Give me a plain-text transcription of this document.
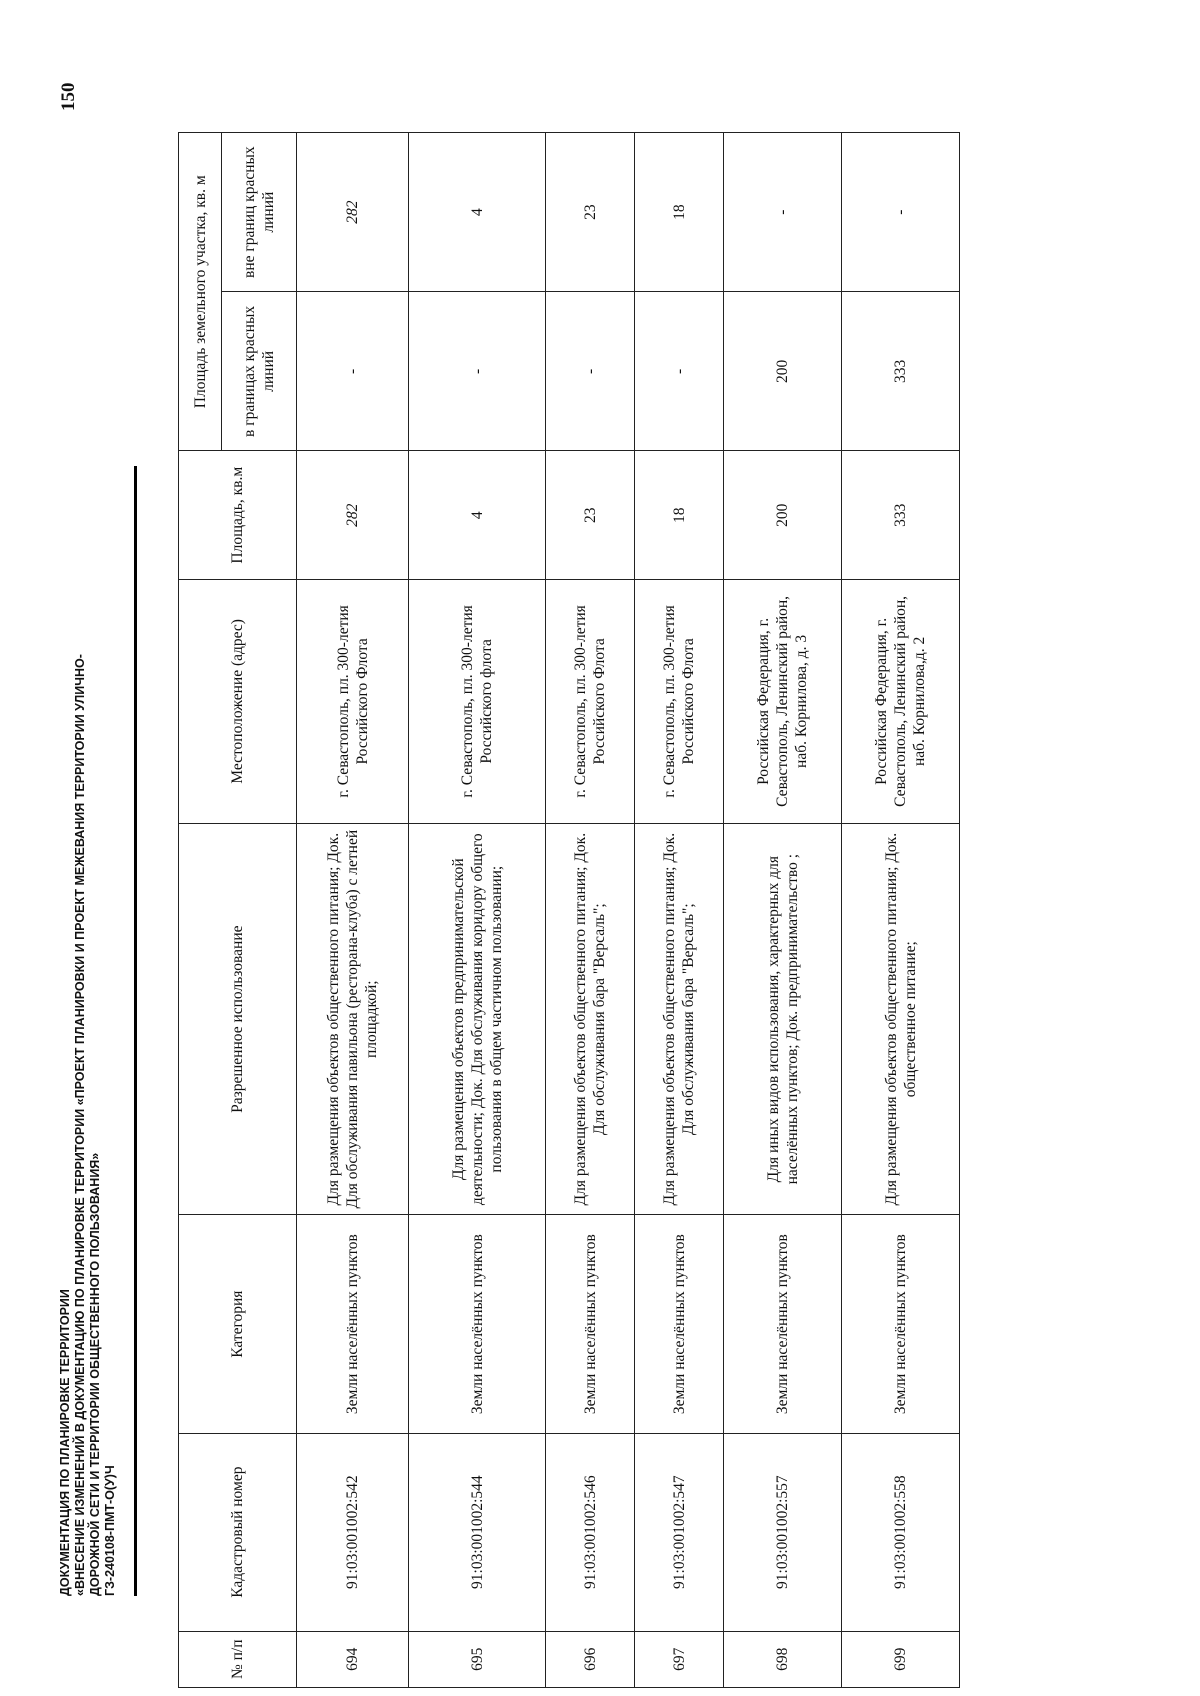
ДОКУМЕНТАЦИЯ ПО ПЛАНИРОВКЕ ТЕРРИТОРИИ «ВНЕСЕНИЕ ИЗМЕНЕНИЙ В ДОКУМЕНТАЦИЮ ПО ПЛАНИРОВКЕ ТЕРРИТОРИИ «ПРОЕКТ ПЛАНИРОВКИ И ПРОЕКТ МЕЖЕВАНИЯ ТЕРРИТОРИИ УЛИЧНО- ДОРОЖНОЙ СЕТИ И ТЕРРИТОРИИ ОБЩЕСТВЕННОГО ПОЛЬЗОВАНИЯ» ГЗ-240108-ПМТ-О(У)Ч
150
№ п/п	Кадастровый номер	Категория	Разрешенное использование	Местоположение (адрес)	Площадь, кв.м	Площадь земельного участка, кв. м	
						в границах красных линий	вне границ красных линий
694	91:03:001002:542	Земли населённых пунктов	Для размещения объектов общественного питания; Док. Для обслуживания павильона (ресторана-клуба) с летней площадкой;	г. Севастополь, пл. 300-летия Российского Флота	282	-	282
695	91:03:001002:544	Земли населённых пунктов	Для размещения объектов предпринимательской деятельности; Док. Для обслуживания коридору общего пользования в общем частичном пользовании;	г. Севастополь, пл. 300-летия Российского флота	4	-	4
696	91:03:001002:546	Земли населённых пунктов	Для размещения объектов общественного питания; Док. Для обслуживания бара "Версаль";	г. Севастополь, пл. 300-летия Российского Флота	23	-	23
697	91:03:001002:547	Земли населённых пунктов	Для размещения объектов общественного питания; Док. Для обслуживания бара "Версаль";	г. Севастополь, пл. 300-летия Российского Флота	18	-	18
698	91:03:001002:557	Земли населённых пунктов	Для иных видов использования, характерных для населённых пунктов; Док. предпринимательство ;	Российская Федерация, г. Севастополь, Ленинский район, наб. Корнилова, д. 3	200	200	-
699	91:03:001002:558	Земли населённых пунктов	Для размещения объектов общественного питания; Док. общественное питание;	Российская Федерация, г. Севастополь, Ленинский район, наб. Корнилова,д. 2	333	333	-
